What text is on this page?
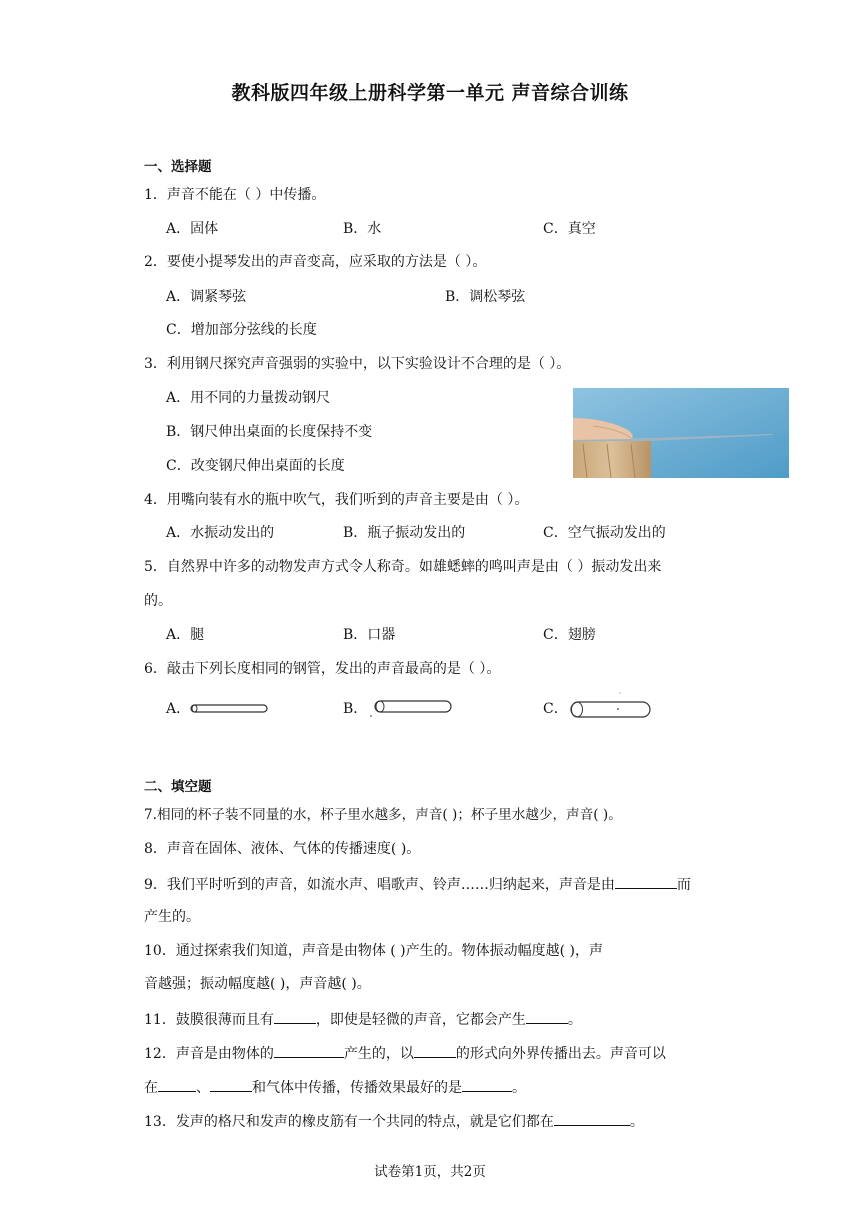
教科版四年级上册科学第一单元 声音综合训练
一、选择题
1．声音不能在（ ）中传播。
A．固体	B．水	C．真空
2．要使小提琴发出的声音变高，应采取的方法是（ ）。
A．调紧琴弦	B．调松琴弦
C．增加部分弦线的长度
3．利用钢尺探究声音强弱的实验中，以下实验设计不合理的是（ ）。
A．用不同的力量拨动钢尺
B．钢尺伸出桌面的长度保持不变
C．改变钢尺伸出桌面的长度
4．用嘴向装有水的瓶中吹气，我们听到的声音主要是由（ ）。
A．水振动发出的	B．瓶子振动发出的	C．空气振动发出的
5．自然界中许多的动物发声方式令人称奇。如雄蟋蟀的鸣叫声是由（ ）振动发出来
的。
A．腿	B．口器	C．翅膀
6．敲击下列长度相同的钢管，发出的声音最高的是（ ）。
A．	B．	C．
二、填空题
7.相同的杯子装不同量的水，杯子里水越多，声音( )；杯子里水越少，声音( )。
8．声音在固体、液体、气体的传播速度( )。
9．我们平时听到的声音，如流水声、唱歌声、铃声……归纳起来，声音是由	而
产生的。
10．通过探索我们知道，声音是由物体 ( )产生的。物体振动幅度越( )，声
音越强；振动幅度越( )，声音越( )。
11．鼓膜很薄而且有	，即使是轻微的声音，它都会产生	。
12．声音是由物体的	产生的，以	的形式向外界传播出去。声音可以
在	、	和气体中传播，传播效果最好的是	。
13．发声的格尺和发声的橡皮筋有一个共同的特点，就是它们都在	。
试卷第1页，共2页
